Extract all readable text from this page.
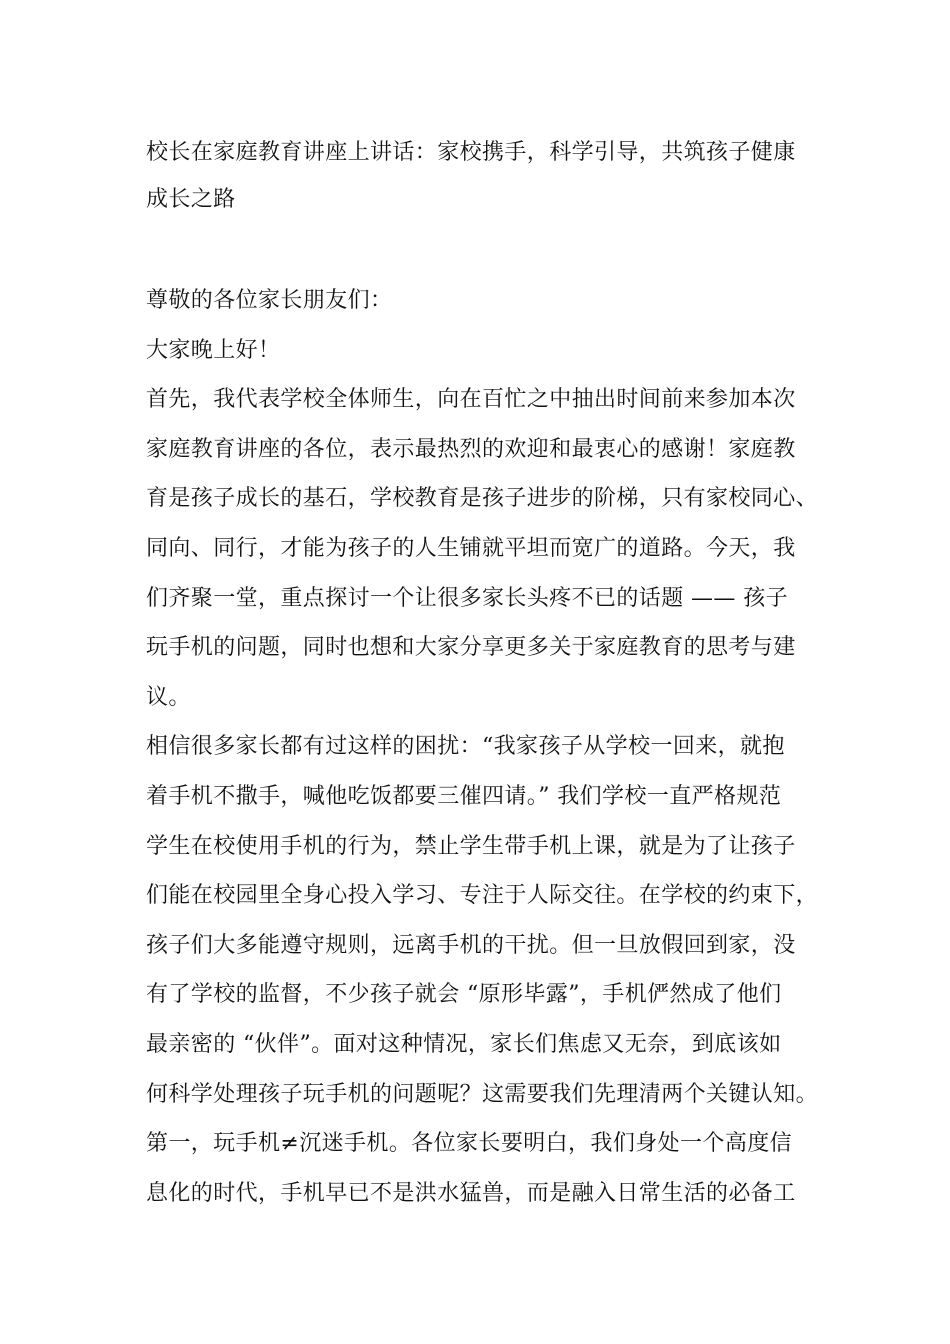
校长在家庭教育讲座上讲话：家校携手，科学引导，共筑孩子健康
成长之路
尊敬的各位家长朋友们：
大家晚上好！
首先，我代表学校全体师生，向在百忙之中抽出时间前来参加本次
家庭教育讲座的各位，表示最热烈的欢迎和最衷心的感谢！家庭教
育是孩子成长的基石，学校教育是孩子进步的阶梯，只有家校同心、
同向、同行，才能为孩子的人生铺就平坦而宽广的道路。今天，我
们齐聚一堂，重点探讨一个让很多家长头疼不已的话题 —— 孩子
玩手机的问题，同时也想和大家分享更多关于家庭教育的思考与建
议。
相信很多家长都有过这样的困扰：“我家孩子从学校一回来，就抱
着手机不撒手，喊他吃饭都要三催四请。” 我们学校一直严格规范
学生在校使用手机的行为，禁止学生带手机上课，就是为了让孩子
们能在校园里全身心投入学习、专注于人际交往。在学校的约束下，
孩子们大多能遵守规则，远离手机的干扰。但一旦放假回到家，没
有了学校的监督，不少孩子就会 “原形毕露”，手机俨然成了他们
最亲密的 “伙伴”。面对这种情况，家长们焦虑又无奈，到底该如
何科学处理孩子玩手机的问题呢？这需要我们先理清两个关键认知。
第一，玩手机≠沉迷手机。各位家长要明白，我们身处一个高度信
息化的时代，手机早已不是洪水猛兽，而是融入日常生活的必备工
